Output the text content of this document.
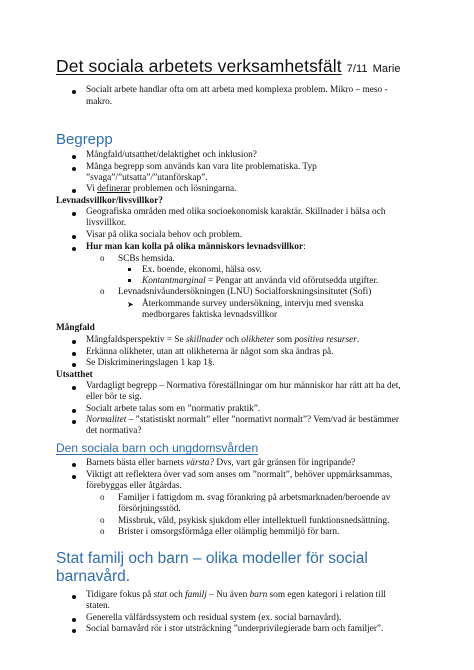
Det sociala arbetets verksamhetsfält 7/11 Marie
Socialt arbete handlar ofta om att arbeta med komplexa problem. Mikro – meso -
makro.
Begrepp
Mångfald/utsatthet/delaktighet och inklusion?
Många begrepp som används kan vara lite problematiska. Typ
”svaga”/”utsatta”/”utanförskap”.
Vi definerar problemen och lösningarna.
Levnadsvillkor/livsvillkor?
Geografiska områden med olika socioekonomisk karaktär. Skillnader i hälsa och
livsvillkor.
Visar på olika sociala behov och problem.
Hur man kan kolla på olika människors levnadsvillkor:
o SCBs hemsida.
Ex. boende, ekonomi, hälsa osv.
Kontantmarginal = Pengar att använda vid oförutsedda utgifter.
o Levnadsnivåundersökningen (LNU) Socialforskningsinsitutet (Sofi)
➤ Återkommande survey undersökning, intervju med svenska
medborgares faktiska levnadsvillkor
Mångfald
Mångfaldsperspektiv = Se skillnader och olikheter som positiva resurser.
Erkänna olikheter, utan att olikheterna är något som ska ändras på.
Se Diskrimineringslagen 1 kap 1§.
Utsatthet
Vardagligt begrepp – Normativa föreställningar om hur människor har rätt att ha det,
eller bör te sig.
Socialt arbete talas som en ”normativ praktik”.
Normalitet – ”statistiskt normalt” eller ”normativt normalt”? Vem/vad är bestämmer
det normativa?
Den sociala barn och ungdomsvården
Barnets bästa eller barnets värsta? Dvs, vart går gränsen för ingripande?
Viktigt att reflektera över vad som anses om ”normalt”, behöver uppmärksammas,
förebyggas eller åtgärdas.
o Familjer i fattigdom m. svag förankring på arbetsmarknaden/beroende av
försörjningsstöd.
o Missbruk, våld, psykisk sjukdom eller intellektuell funktionsnedsättning.
o Brister i omsorgsförmåga eller olämplig hemmiljö för barn.
Stat familj och barn – olika modeller för social
barnavård.
Tidigare fokus på stat och familj – Nu även barn som egen kategori i relation till
staten.
Generella välfärdssystem och residual system (ex. social barnavård).
Social barnavård rör i stor utsträckning ”underprivilegierade barn och familjer”.
